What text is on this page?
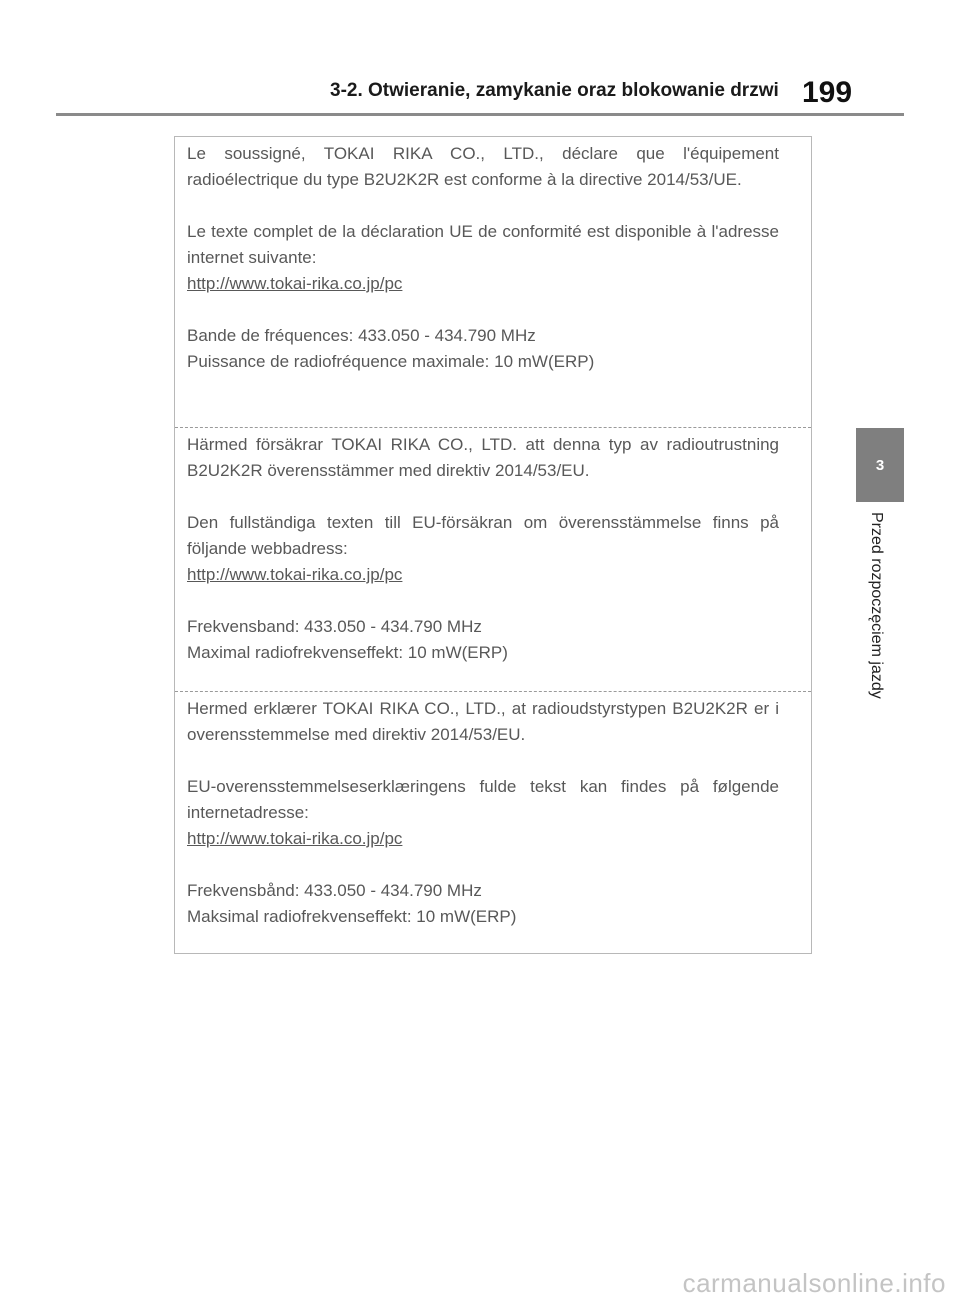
3-2. Otwieranie, zamykanie oraz blokowanie drzwi 199
3
Przed rozpoczęciem jazdy

Le soussigné, TOKAI RIKA CO., LTD., déclare que l'équipement radioélectrique du type B2U2K2R est conforme à la directive 2014/53/UE.

Le texte complet de la déclaration UE de conformité est disponible à l'adresse internet suivante:
http://www.tokai-rika.co.jp/pc

Bande de fréquences: 433.050 - 434.790 MHz
Puissance de radiofréquence maximale: 10 mW(ERP)

Härmed försäkrar TOKAI RIKA CO., LTD. att denna typ av radioutrustning B2U2K2R överensstämmer med direktiv 2014/53/EU.

Den fullständiga texten till EU-försäkran om överensstämmelse finns på följande webbadress:
http://www.tokai-rika.co.jp/pc

Frekvensband: 433.050 - 434.790 MHz
Maximal radiofrekvenseffekt: 10 mW(ERP)

Hermed erklærer TOKAI RIKA CO., LTD., at radioudstyrstypen B2U2K2R er i overensstemmelse med direktiv 2014/53/EU.

EU-overensstemmelseserklæringens fulde tekst kan findes på følgende internetadresse:
http://www.tokai-rika.co.jp/pc

Frekvensbånd: 433.050 - 434.790 MHz
Maksimal radiofrekvenseffekt: 10 mW(ERP)

carmanualsonline.info
